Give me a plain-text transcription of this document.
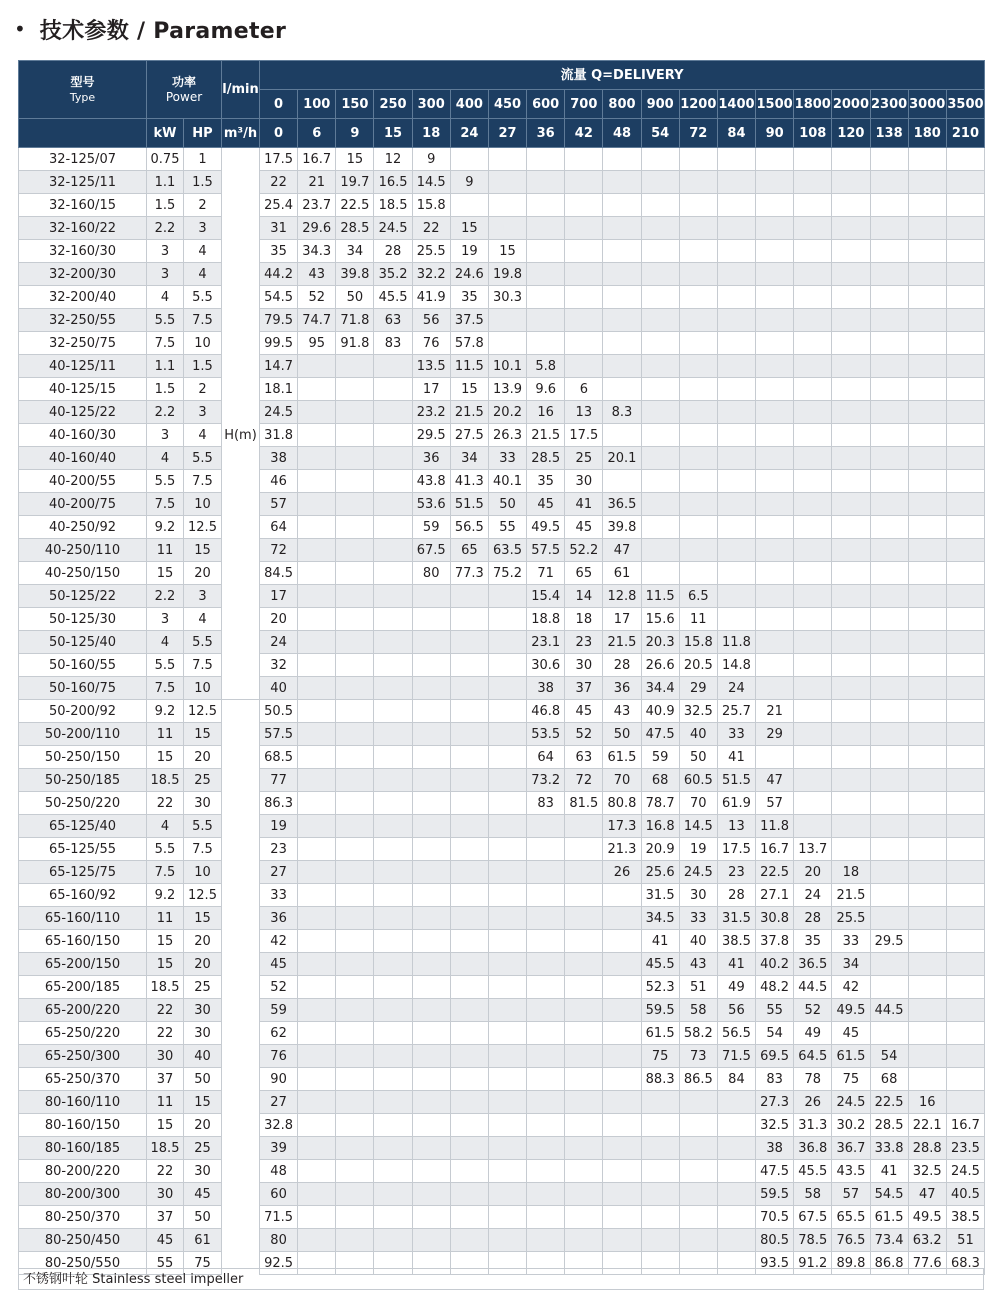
• 技术参数 / Parameter
型号
Type	功率
Power		l/min	流量 Q=DELIVERY																		
				0	100	150	250	300	400	450	600	700	800	900	1200	1400	1500	1800	2000	2300	3000	3500
	kW	HP	m³/h	0	6	9	15	18	24	27	36	42	48	54	72	84	90	108	120	138	180	210
32-125/07	0.75	1		17.5	16.7	15	12	9														
32-125/11	1.1	1.5		22	21	19.7	16.5	14.5	9													
32-160/15	1.5	2		25.4	23.7	22.5	18.5	15.8														
32-160/22	2.2	3		31	29.6	28.5	24.5	22	15													
32-160/30	3	4		35	34.3	34	28	25.5	19	15												
32-200/30	3	4		44.2	43	39.8	35.2	32.2	24.6	19.8												
32-200/40	4	5.5		54.5	52	50	45.5	41.9	35	30.3												
32-250/55	5.5	7.5		79.5	74.7	71.8	63	56	37.5													
32-250/75	7.5	10		99.5	95	91.8	83	76	57.8													
40-125/11	1.1	1.5		14.7				13.5	11.5	10.1	5.8											
40-125/15	1.5	2		18.1				17	15	13.9	9.6	6										
40-125/22	2.2	3		24.5				23.2	21.5	20.2	16	13	8.3									
40-160/30	3	4	H(m)	31.8				29.5	27.5	26.3	21.5	17.5										
40-160/40	4	5.5		38				36	34	33	28.5	25	20.1									
40-200/55	5.5	7.5		46				43.8	41.3	40.1	35	30										
40-200/75	7.5	10		57				53.6	51.5	50	45	41	36.5									
40-250/92	9.2	12.5		64				59	56.5	55	49.5	45	39.8									
40-250/110	11	15		72				67.5	65	63.5	57.5	52.2	47									
40-250/150	15	20		84.5				80	77.3	75.2	71	65	61									
50-125/22	2.2	3		17							15.4	14	12.8	11.5	6.5							
50-125/30	3	4		20							18.8	18	17	15.6	11							
50-125/40	4	5.5		24							23.1	23	21.5	20.3	15.8	11.8						
50-160/55	5.5	7.5		32							30.6	30	28	26.6	20.5	14.8						
50-160/75	7.5	10		40							38	37	36	34.4	29	24						
50-200/92	9.2	12.5		50.5							46.8	45	43	40.9	32.5	25.7	21					
50-200/110	11	15		57.5							53.5	52	50	47.5	40	33	29					
50-250/150	15	20		68.5							64	63	61.5	59	50	41						
50-250/185	18.5	25		77							73.2	72	70	68	60.5	51.5	47					
50-250/220	22	30		86.3							83	81.5	80.8	78.7	70	61.9	57					
65-125/40	4	5.5		19									17.3	16.8	14.5	13	11.8					
65-125/55	5.5	7.5		23									21.3	20.9	19	17.5	16.7	13.7				
65-125/75	7.5	10		27									26	25.6	24.5	23	22.5	20	18			
65-160/92	9.2	12.5		33										31.5	30	28	27.1	24	21.5			
65-160/110	11	15		36										34.5	33	31.5	30.8	28	25.5			
65-160/150	15	20		42										41	40	38.5	37.8	35	33	29.5		
65-200/150	15	20		45										45.5	43	41	40.2	36.5	34			
65-200/185	18.5	25		52										52.3	51	49	48.2	44.5	42			
65-200/220	22	30		59										59.5	58	56	55	52	49.5	44.5		
65-250/220	22	30		62										61.5	58.2	56.5	54	49	45			
65-250/300	30	40		76										75	73	71.5	69.5	64.5	61.5	54		
65-250/370	37	50		90										88.3	86.5	84	83	78	75	68		
80-160/110	11	15		27													27.3	26	24.5	22.5	16	
80-160/150	15	20		32.8													32.5	31.3	30.2	28.5	22.1	16.7
80-160/185	18.5	25		39													38	36.8	36.7	33.8	28.8	23.5
80-200/220	22	30		48													47.5	45.5	43.5	41	32.5	24.5
80-200/300	30	45		60													59.5	58	57	54.5	47	40.5
80-250/370	37	50		71.5													70.5	67.5	65.5	61.5	49.5	38.5
80-250/450	45	61		80													80.5	78.5	76.5	73.4	63.2	51
80-250/550	55	75		92.5													93.5	91.2	89.8	86.8	77.6	68.3
不锈钢叶轮 Stainless steel impeller
